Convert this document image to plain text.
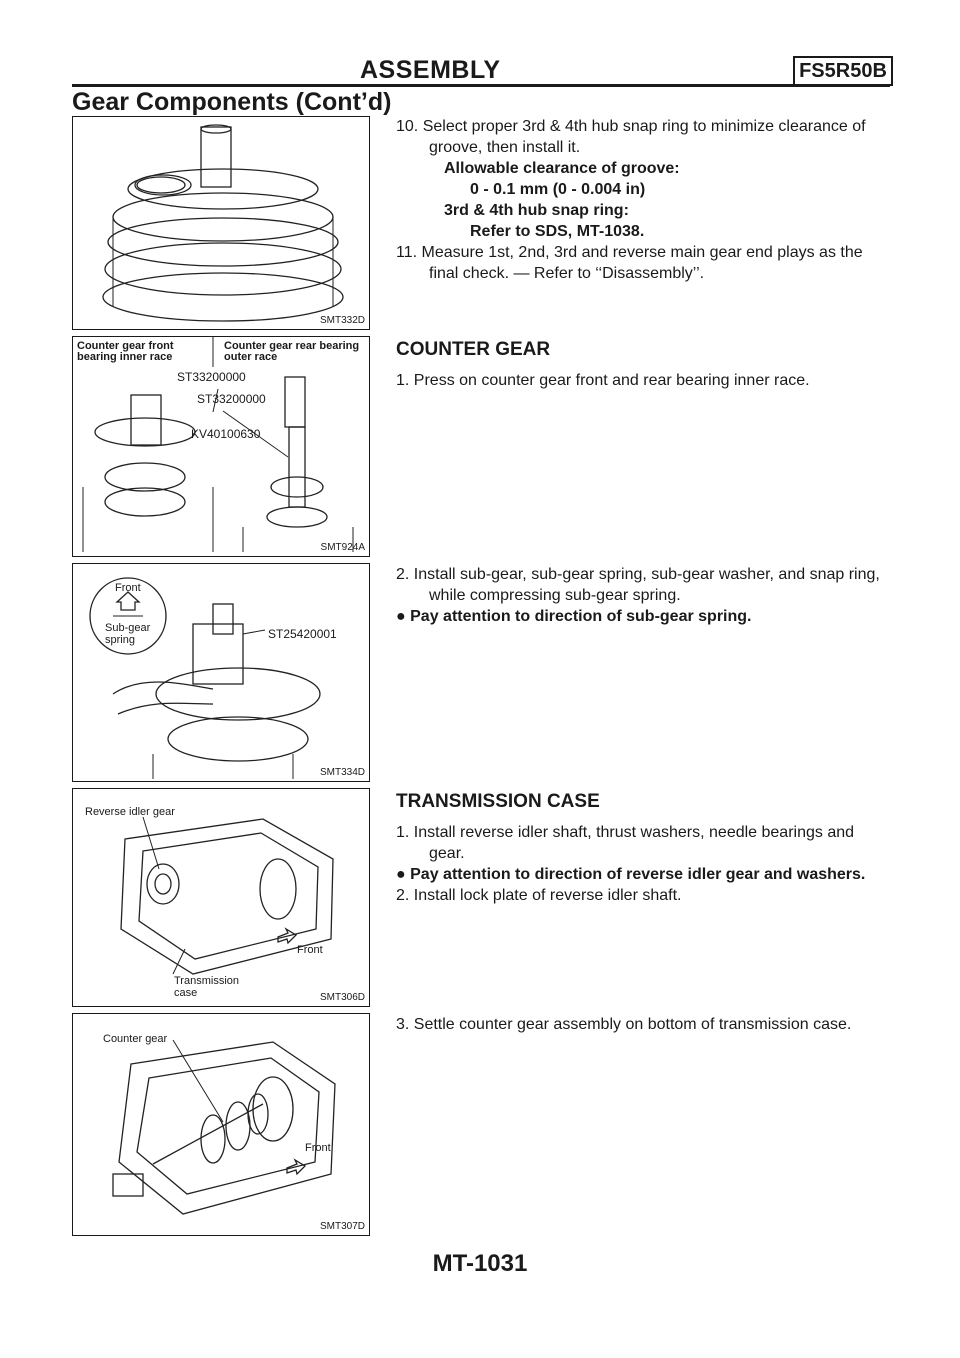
ASSEMBLY	FS5R50B
Gear Components (Cont’d)
SMT332D
Counter gear front bearing inner race
Counter gear rear bearing outer race
ST33200000
ST33200000
KV40100630
SMT924A
Front
Sub-gear spring	ST25420001
SMT334D
Reverse idler gear
Front
Transmission case	SMT306D
Counter gear
Front
SMT307D

10. Select proper 3rd & 4th hub snap ring to minimize clearance of groove, then install it.

Allowable clearance of groove:

0 - 0.1 mm (0 - 0.004 in)

3rd & 4th hub snap ring:

Refer to SDS, MT-1038.

11. Measure 1st, 2nd, 3rd and reverse main gear end plays as the final check. — Refer to ‘‘Disassembly’’.

COUNTER GEAR

1. Press on counter gear front and rear bearing inner race.

2. Install sub-gear, sub-gear spring, sub-gear washer, and snap ring, while compressing sub-gear spring.

● Pay attention to direction of sub-gear spring.

TRANSMISSION CASE

1. Install reverse idler shaft, thrust washers, needle bearings and gear.

● Pay attention to direction of reverse idler gear and washers.

2. Install lock plate of reverse idler shaft.

3. Settle counter gear assembly on bottom of transmission case.

MT-1031
